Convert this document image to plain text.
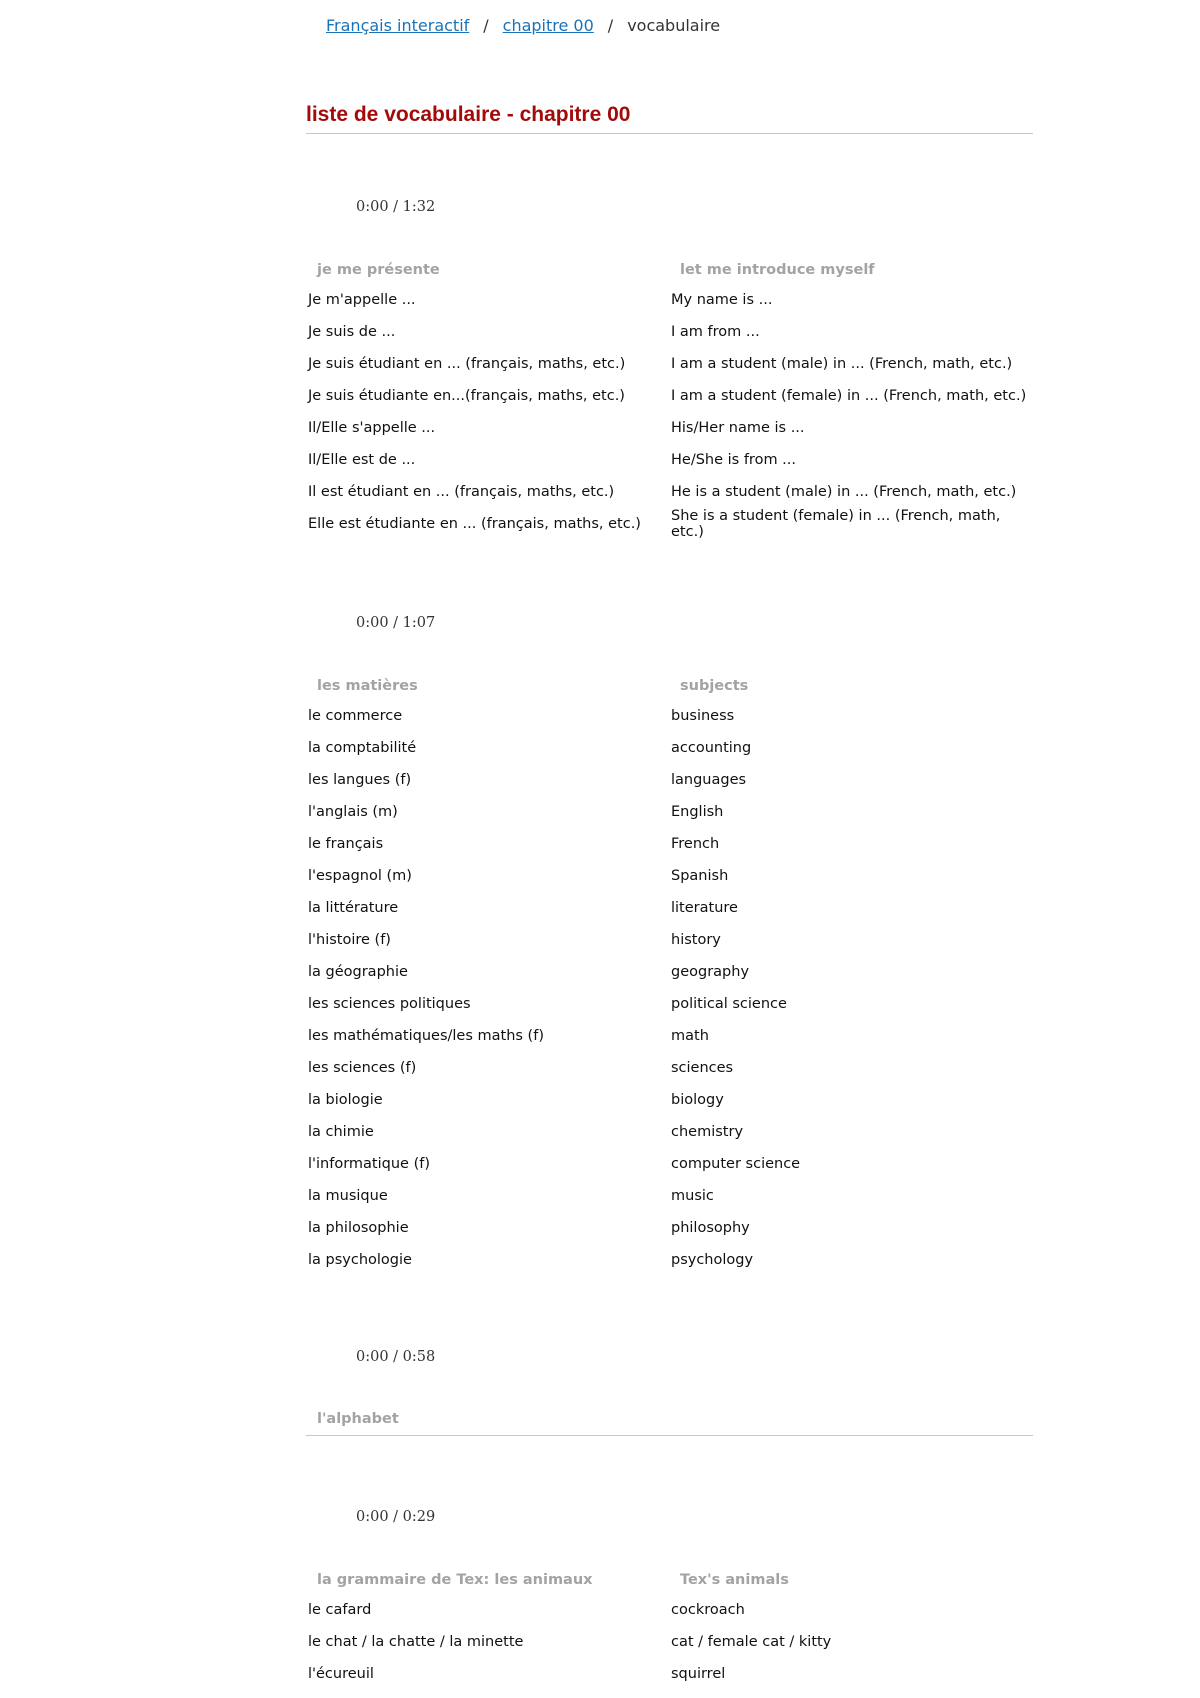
Français interactif / chapitre 00 / vocabulaire
liste de vocabulaire - chapitre 00
0:00 / 1:32
je me présente	let me introduce myself
Je m'appelle ...	My name is ...
Je suis de ...	I am from ...
Je suis étudiant en ... (français, maths, etc.)	I am a student (male) in ... (French, math, etc.)
Je suis étudiante en...(français, maths, etc.)	I am a student (female) in ... (French, math, etc.)
Il/Elle s'appelle ...	His/Her name is ...
Il/Elle est de ...	He/She is from ...
Il est étudiant en ... (français, maths, etc.)	He is a student (male) in ... (French, math, etc.)
Elle est étudiante en ... (français, maths, etc.)	She is a student (female) in ... (French, math, etc.)
0:00 / 1:07
les matières	subjects
le commerce	business
la comptabilité	accounting
les langues (f)	languages
l'anglais (m)	English
le français	French
l'espagnol (m)	Spanish
la littérature	literature
l'histoire (f)	history
la géographie	geography
les sciences politiques	political science
les mathématiques/les maths (f)	math
les sciences (f)	sciences
la biologie	biology
la chimie	chemistry
l'informatique (f)	computer science
la musique	music
la philosophie	philosophy
la psychologie	psychology
0:00 / 0:58
l'alphabet
0:00 / 0:29
la grammaire de Tex: les animaux	Tex's animals
le cafard	cockroach
le chat / la chatte / la minette	cat / female cat / kitty
l'écureuil	squirrel
